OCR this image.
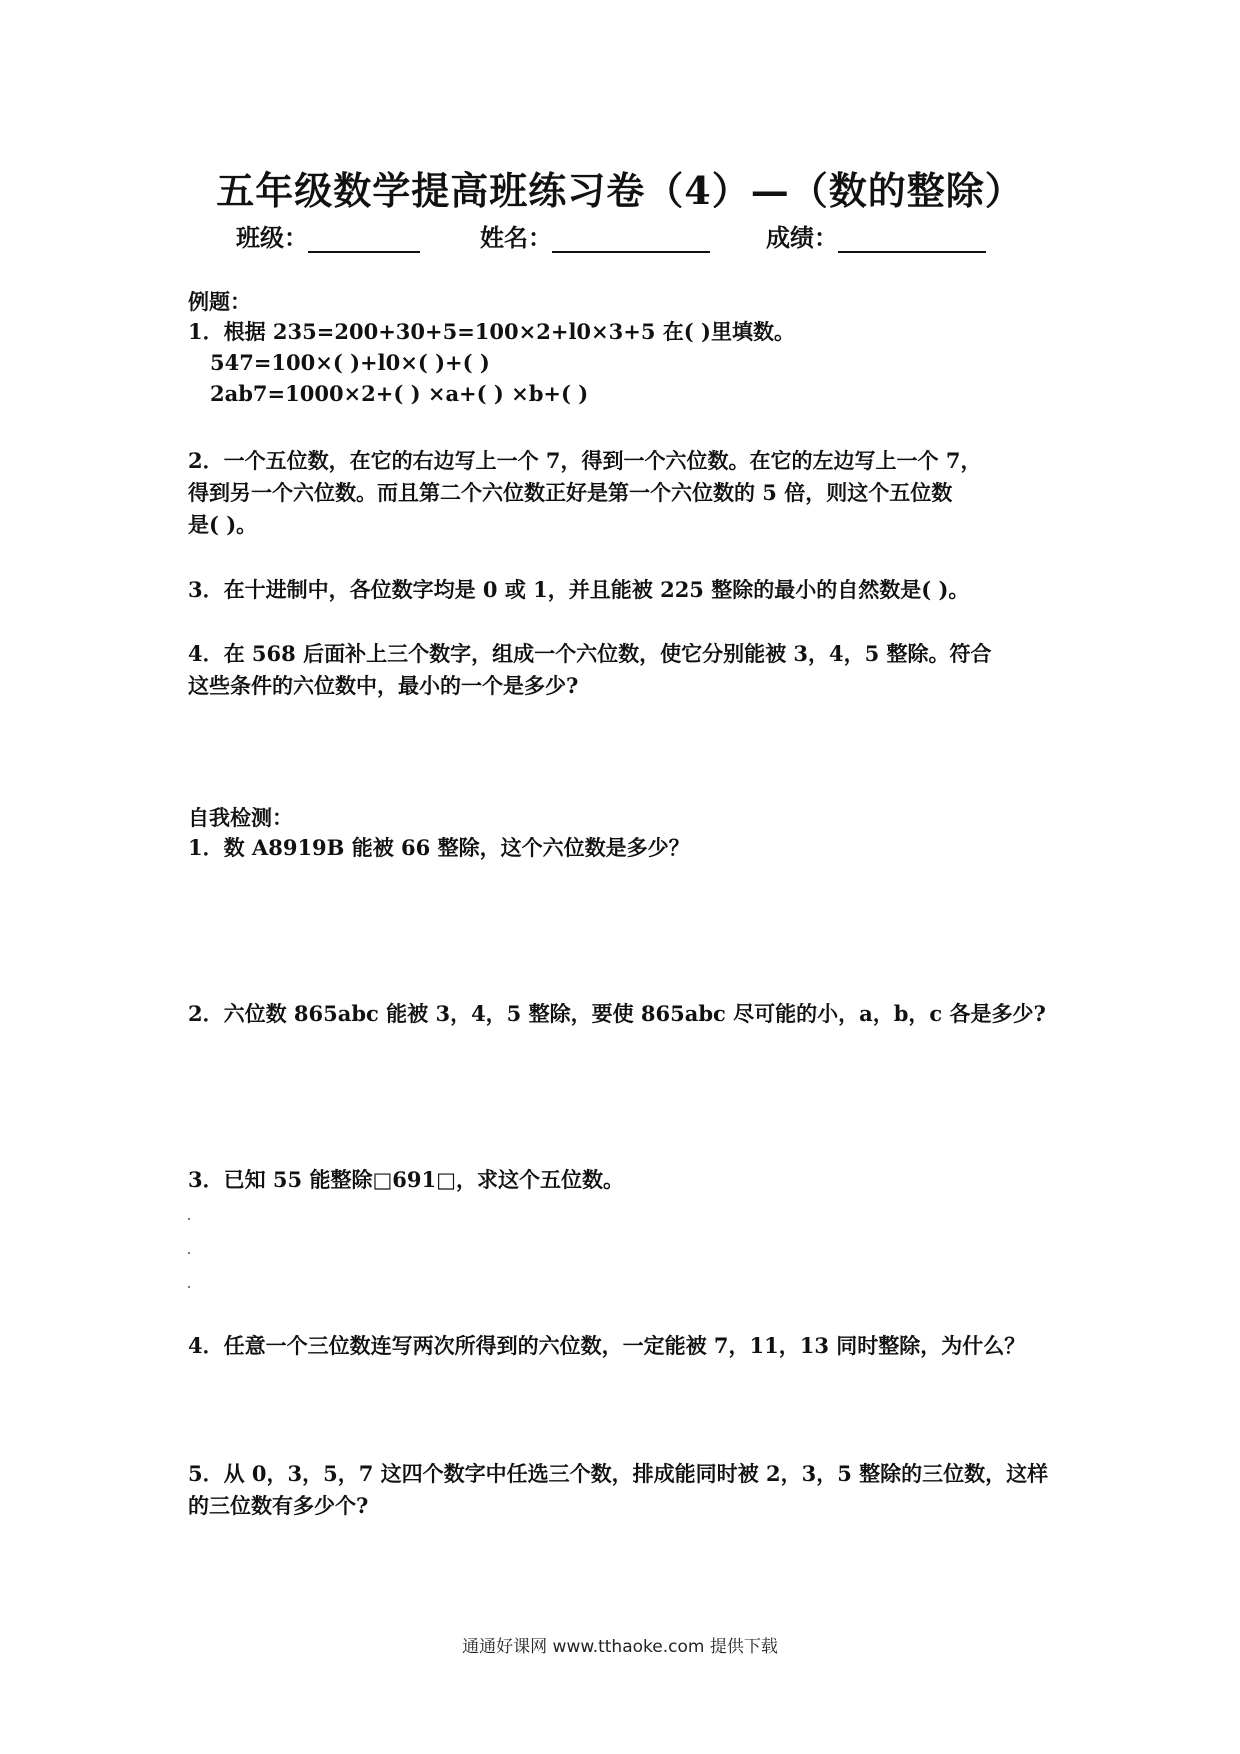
五年级数学提高班练习卷（4）—（数的整除）
班级：	姓名：	成绩：
例题：
1．根据 235=200+30+5=100×2+l0×3+5 在( )里填数。
547=100×( )+l0×( )+( )
2ab7=1000×2+( ) ×a+( ) ×b+( )
2．一个五位数，在它的右边写上一个 7，得到一个六位数。在它的左边写上一个 7，
得到另一个六位数。而且第二个六位数正好是第一个六位数的 5 倍，则这个五位数
是( )。
3．在十进制中，各位数字均是 0 或 1，并且能被 225 整除的最小的自然数是( )。
4．在 568 后面补上三个数字，组成一个六位数，使它分别能被 3，4，5 整除。符合
这些条件的六位数中，最小的一个是多少?
自我检测：
1．数 A8919B 能被 66 整除，这个六位数是多少？
2．六位数 865abc 能被 3，4，5 整除，要使 865abc 尽可能的小，a，b，c 各是多少?
3．已知 55 能整除□691□，求这个五位数。
4．任意一个三位数连写两次所得到的六位数，一定能被 7，11，13 同时整除，为什么？
5．从 0，3，5，7 这四个数字中任选三个数，排成能同时被 2，3，5 整除的三位数，这样
的三位数有多少个?
通通好课网 www.tthaoke.com 提供下载
